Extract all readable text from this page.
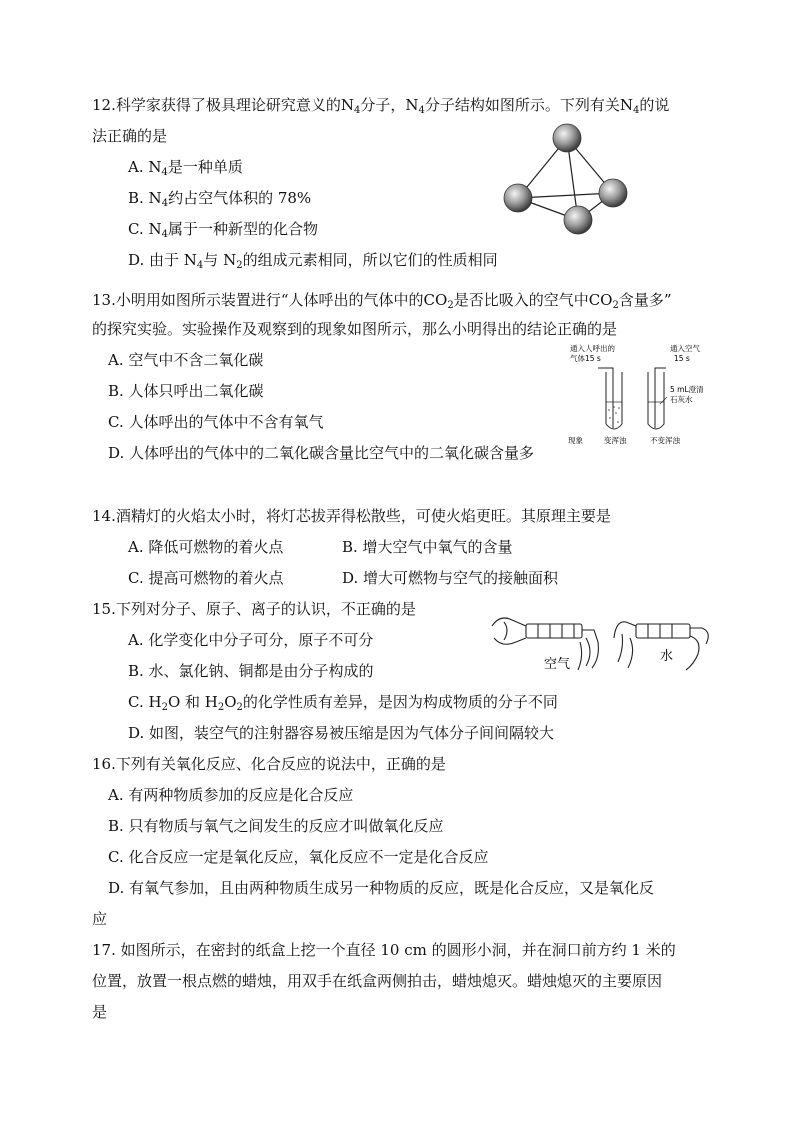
12.科学家获得了极具理论研究意义的$N_4$分子，$N_4$分子结构如图所示。下列有关$N_4$的说
法正确的是
A. $N_4$是一种单质
B. $N_4$约占空气体积的 78%
C. $N_4$属于一种新型的化合物
D. 由于 $N_4$与 $N_2$的组成元素相同，所以它们的性质相同
13.小明用如图所示装置进行“人体呼出的气体中的$CO_2$是否比吸入的空气中$CO_2$含量多”
的探究实验。实验操作及观察到的现象如图所示，那么小明得出的结论正确的是
A. 空气中不含二氧化碳
B. 人体只呼出二氧化碳
C. 人体呼出的气体中不含有氧气
D. 人体呼出的气体中的二氧化碳含量比空气中的二氧化碳含量多
通入人呼出的
气体15 s
通入空气
15 s
5 mL澄清
石灰水
现象	变浑浊	不变浑浊
14.酒精灯的火焰太小时，将灯芯拔弄得松散些，可使火焰更旺。其原理主要是
A. 降低可燃物的着火点	B. 增大空气中氧气的含量
C. 提高可燃物的着火点	D. 增大可燃物与空气的接触面积
15.下列对分子、原子、离子的认识，不正确的是
A. 化学变化中分子可分，原子不可分
B. 水、氯化钠、铜都是由分子构成的
C. $H_2O$ 和 $H_2O_2$的化学性质有差异，是因为构成物质的分子不同
D. 如图，装空气的注射器容易被压缩是因为气体分子间间隔较大
空气
水
16.下列有关氧化反应、化合反应的说法中，正确的是
A. 有两种物质参加的反应是化合反应
B. 只有物质与氧气之间发生的反应才叫做氧化反应
C. 化合反应一定是氧化反应，氧化反应不一定是化合反应
D. 有氧气参加，且由两种物质生成另一种物质的反应，既是化合反应，又是氧化反
应
17. 如图所示，在密封的纸盒上挖一个直径 10 cm 的圆形小洞，并在洞口前方约 1 米的
位置，放置一根点燃的蜡烛，用双手在纸盒两侧拍击，蜡烛熄灭。蜡烛熄灭的主要原因
是
